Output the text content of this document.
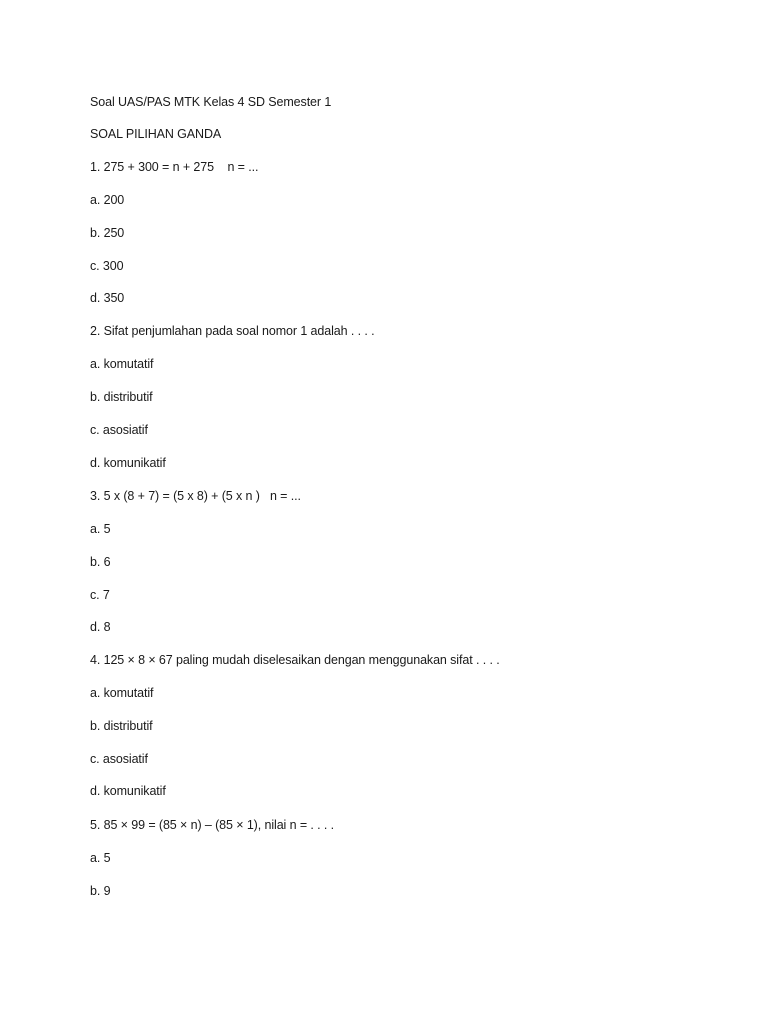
Soal UAS/PAS MTK Kelas 4 SD Semester 1
SOAL PILIHAN GANDA
1. 275 + 300 = n + 275    n = ...
a. 200
b. 250
c. 300
d. 350
2. Sifat penjumlahan pada soal nomor 1 adalah . . . .
a. komutatif
b. distributif
c. asosiatif
d. komunikatif
3. 5 x (8 + 7) = (5 x 8) + (5 x n )   n = ...
a. 5
b. 6
c. 7
d. 8
4. 125 × 8 × 67 paling mudah diselesaikan dengan menggunakan sifat . . . .
a. komutatif
b. distributif
c. asosiatif
d. komunikatif
5. 85 × 99 = (85 × n) – (85 × 1), nilai n = . . . .
a. 5
b. 9
